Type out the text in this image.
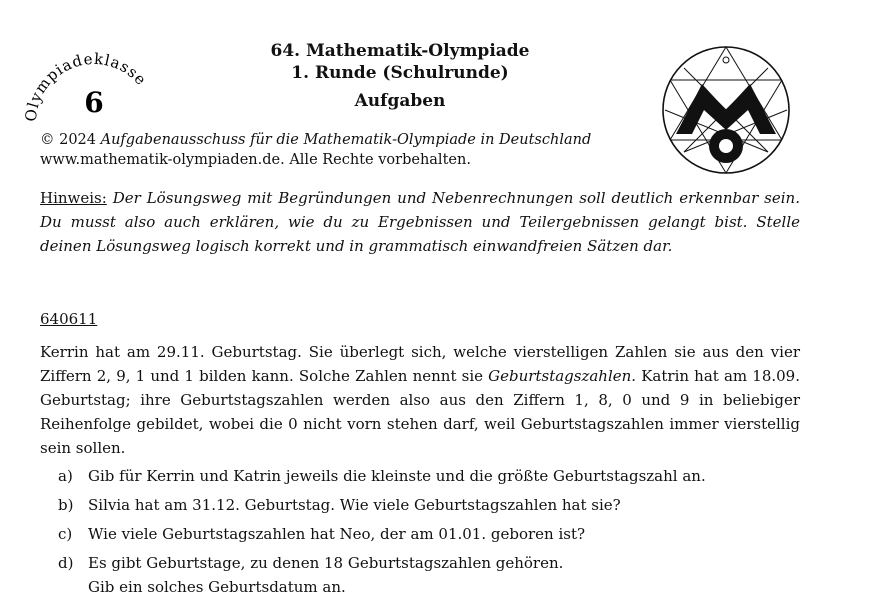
Olympiadeklasse
6
64. Mathematik-Olympiade
1. Runde (Schulrunde)
Aufgaben
© 2024 Aufgabenausschuss für die Mathematik-Olympiade in Deutschland
www.mathematik-olympiaden.de. Alle Rechte vorbehalten.
Hinweis: Der Lösungsweg mit Begründungen und Nebenrechnungen soll deutlich erkennbar sein. Du musst also auch erklären, wie du zu Ergebnissen und Teilergebnissen gelangt bist. Stelle deinen Lösungsweg logisch korrekt und in grammatisch einwandfreien Sätzen dar.
640611
Kerrin hat am 29.11. Geburtstag. Sie überlegt sich, welche vierstelligen Zahlen sie aus den vier Ziffern 2, 9, 1 und 1 bilden kann. Solche Zahlen nennt sie Geburtstagszahlen. Katrin hat am 18.09. Geburtstag; ihre Geburtstagszahlen werden also aus den Ziffern 1, 8, 0 und 9 in beliebiger Reihenfolge gebildet, wobei die 0 nicht vorn stehen darf, weil Geburtstagszahlen immer vierstellig sein sollen.
a)	Gib für Kerrin und Katrin jeweils die kleinste und die größte Geburtstagszahl an.
b) Silvia hat am 31.12. Geburtstag. Wie viele Geburtstagszahlen hat sie?
c)	Wie viele Geburtstagszahlen hat Neo, der am 01.01. geboren ist?
d) Es gibt Geburtstage, zu denen 18 Geburtstagszahlen gehören.
Gib ein solches Geburtsdatum an.
